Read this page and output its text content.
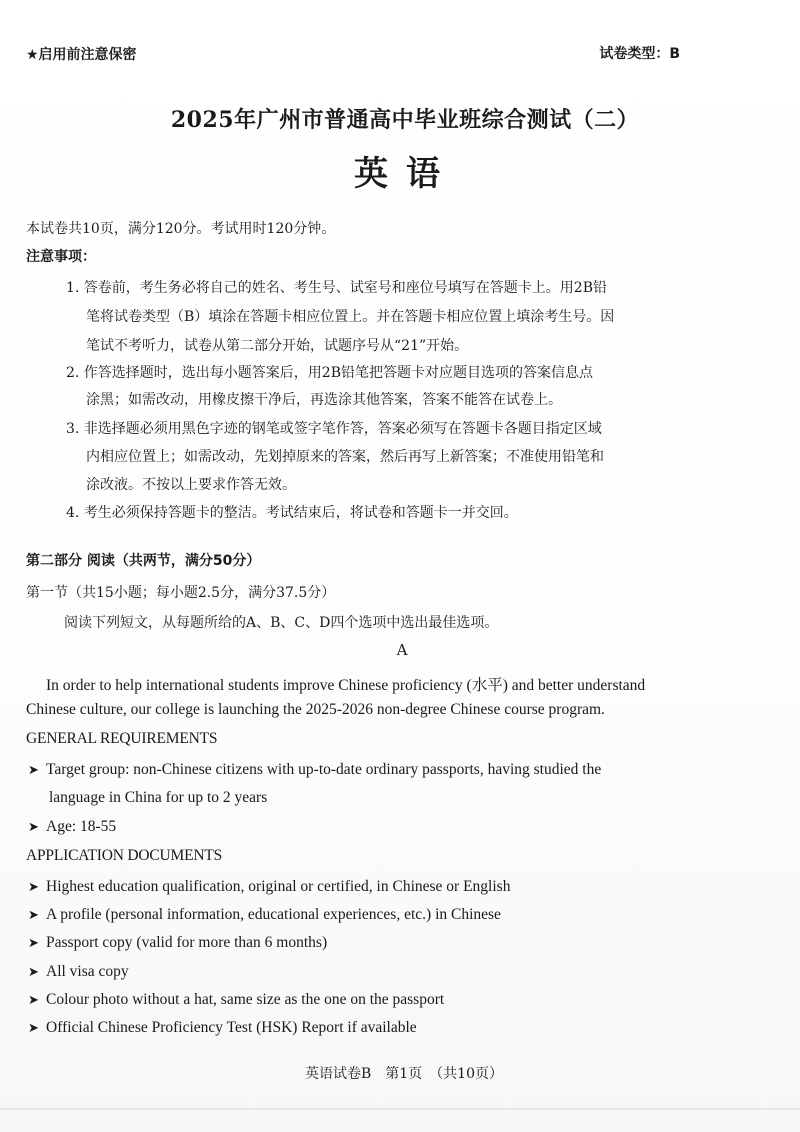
★启用前注意保密	试卷类型：B
2025年广州市普通高中毕业班综合测试（二）
英语
本试卷共10页，满分120分。考试用时120分钟。
注意事项：
1. 答卷前，考生务必将自己的姓名、考生号、试室号和座位号填写在答题卡上。用2B铅
笔将试卷类型（B）填涂在答题卡相应位置上。并在答题卡相应位置上填涂考生号。因
笔试不考听力，试卷从第二部分开始，试题序号从“21”开始。
2. 作答选择题时，选出每小题答案后，用2B铅笔把答题卡对应题目选项的答案信息点
涂黑；如需改动，用橡皮擦干净后，再选涂其他答案，答案不能答在试卷上。
3. 非选择题必须用黑色字迹的钢笔或签字笔作答，答案必须写在答题卡各题目指定区域
内相应位置上；如需改动，先划掉原来的答案，然后再写上新答案；不准使用铅笔和
涂改液。不按以上要求作答无效。
4. 考生必须保持答题卡的整洁。考试结束后，将试卷和答题卡一并交回。
第二部分 阅读（共两节，满分50分）
第一节（共15小题；每小题2.5分，满分37.5分）
阅读下列短文，从每题所给的A、B、C、D四个选项中选出最佳选项。
A
In order to help international students improve Chinese proficiency (水平) and better understand
Chinese culture, our college is launching the 2025-2026 non-degree Chinese course program.
GENERAL REQUIREMENTS
➤ Target group: non-Chinese citizens with up-to-date ordinary passports, having studied the
language in China for up to 2 years
➤ Age: 18-55
APPLICATION DOCUMENTS
➤ Highest education qualification, original or certified, in Chinese or English
➤ A profile (personal information, educational experiences, etc.) in Chinese
➤ Passport copy (valid for more than 6 months)
➤ All visa copy
➤ Colour photo without a hat, same size as the one on the passport
➤ Official Chinese Proficiency Test (HSK) Report if available
英语试卷B　第1页　（共10页）
